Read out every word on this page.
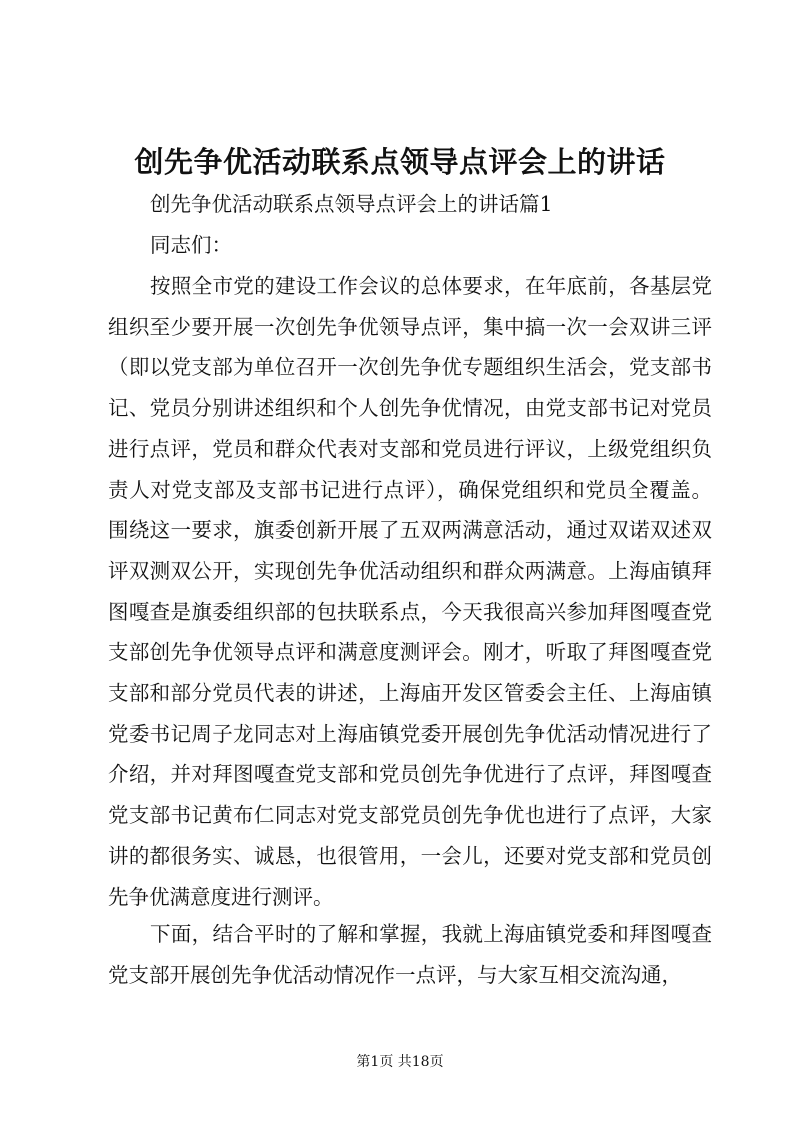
创先争优活动联系点领导点评会上的讲话

创先争优活动联系点领导点评会上的讲话篇1

同志们：

按照全市党的建设工作会议的总体要求，在年底前，各基层党组织至少要开展一次创先争优领导点评，集中搞一次一会双讲三评（即以党支部为单位召开一次创先争优专题组织生活会，党支部书记、党员分别讲述组织和个人创先争优情况，由党支部书记对党员进行点评，党员和群众代表对支部和党员进行评议，上级党组织负责人对党支部及支部书记进行点评），确保党组织和党员全覆盖。围绕这一要求，旗委创新开展了五双两满意活动，通过双诺双述双评双测双公开，实现创先争优活动组织和群众两满意。上海庙镇拜图嘎查是旗委组织部的包扶联系点，今天我很高兴参加拜图嘎查党支部创先争优领导点评和满意度测评会。刚才，听取了拜图嘎查党支部和部分党员代表的讲述，上海庙开发区管委会主任、上海庙镇党委书记周子龙同志对上海庙镇党委开展创先争优活动情况进行了介绍，并对拜图嘎查党支部和党员创先争优进行了点评，拜图嘎查党支部书记黄布仁同志对党支部党员创先争优也进行了点评，大家讲的都很务实、诚恳，也很管用，一会儿，还要对党支部和党员创先争优满意度进行测评。

下面，结合平时的了解和掌握，我就上海庙镇党委和拜图嘎查党支部开展创先争优活动情况作一点评，与大家互相交流沟通，

第1页 共18页
